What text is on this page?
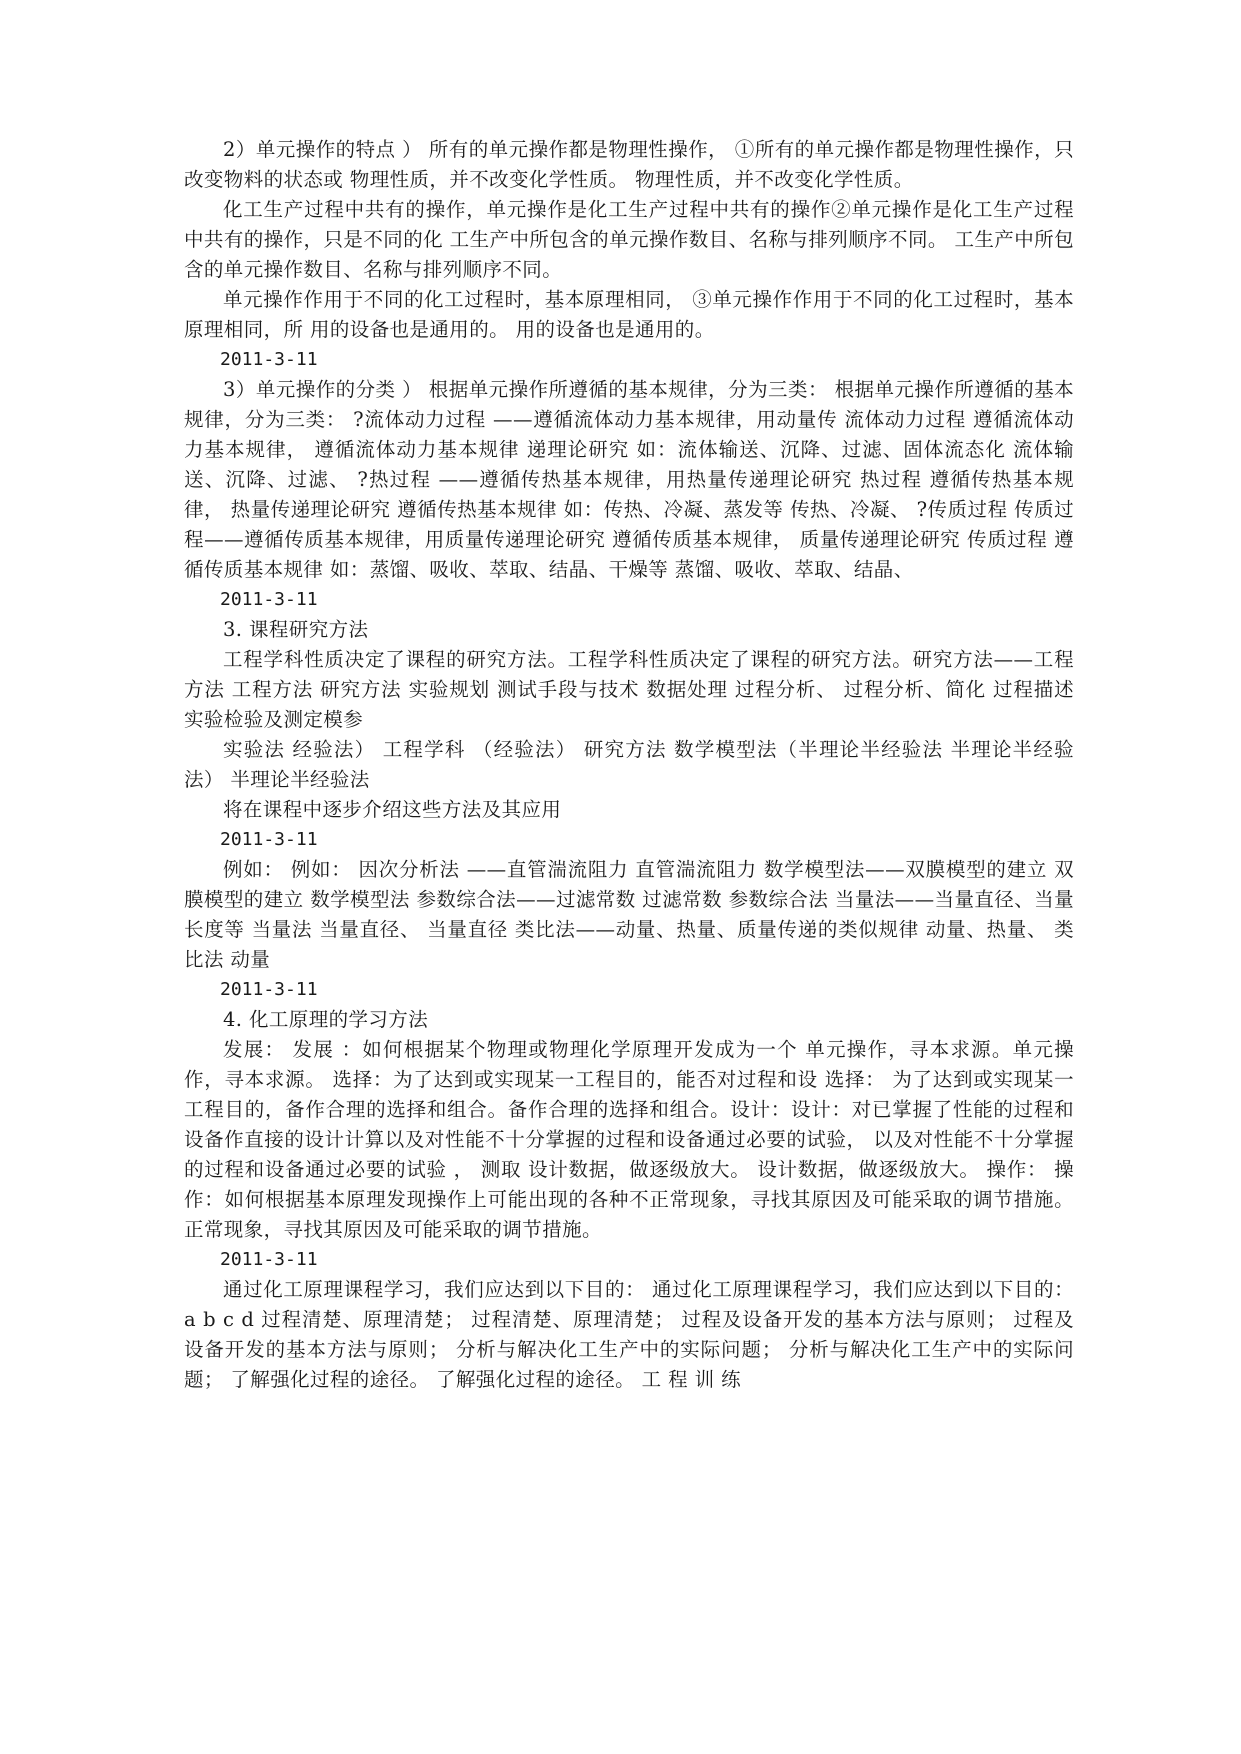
2）单元操作的特点 ） 所有的单元操作都是物理性操作， ①所有的单元操作都是物理性操作，只改变物料的状态或 物理性质，并不改变化学性质。 物理性质，并不改变化学性质。

化工生产过程中共有的操作，单元操作是化工生产过程中共有的操作②单元操作是化工生产过程中共有的操作，只是不同的化 工生产中所包含的单元操作数目、名称与排列顺序不同。 工生产中所包含的单元操作数目、名称与排列顺序不同。

单元操作作用于不同的化工过程时，基本原理相同， ③单元操作作用于不同的化工过程时，基本原理相同，所 用的设备也是通用的。 用的设备也是通用的。

2011-3-11

3）单元操作的分类 ） 根据单元操作所遵循的基本规律，分为三类： 根据单元操作所遵循的基本规律，分为三类： ?流体动力过程 ——遵循流体动力基本规律，用动量传 流体动力过程 遵循流体动力基本规律， 遵循流体动力基本规律 递理论研究 如：流体输送、沉降、过滤、固体流态化 流体输送、沉降、过滤、 ?热过程 ——遵循传热基本规律，用热量传递理论研究 热过程 遵循传热基本规律， 热量传递理论研究 遵循传热基本规律 如：传热、冷凝、蒸发等 传热、冷凝、 ?传质过程 传质过程——遵循传质基本规律，用质量传递理论研究 遵循传质基本规律， 质量传递理论研究 传质过程 遵循传质基本规律 如：蒸馏、吸收、萃取、结晶、干燥等 蒸馏、吸收、萃取、结晶、

2011-3-11

3. 课程研究方法

工程学科性质决定了课程的研究方法。工程学科性质决定了课程的研究方法。研究方法——工程方法 工程方法 研究方法 实验规划 测试手段与技术 数据处理 过程分析、 过程分析、简化 过程描述 实验检验及测定模参

实验法 经验法） 工程学科 （经验法） 研究方法 数学模型法（半理论半经验法 半理论半经验法） 半理论半经验法

将在课程中逐步介绍这些方法及其应用

2011-3-11

例如： 例如： 因次分析法 ——直管湍流阻力 直管湍流阻力 数学模型法——双膜模型的建立 双膜模型的建立 数学模型法 参数综合法——过滤常数 过滤常数 参数综合法 当量法——当量直径、当量长度等 当量法 当量直径、 当量直径 类比法——动量、热量、质量传递的类似规律 动量、热量、 类比法 动量

2011-3-11

4. 化工原理的学习方法

发展： 发展 ：如何根据某个物理或物理化学原理开发成为一个 单元操作，寻本求源。单元操作，寻本求源。 选择：为了达到或实现某一工程目的，能否对过程和设 选择： 为了达到或实现某一工程目的，备作合理的选择和组合。备作合理的选择和组合。设计：设计：对已掌握了性能的过程和设备作直接的设计计算以及对性能不十分掌握的过程和设备通过必要的试验， 以及对性能不十分掌握的过程和设备通过必要的试验 ， 测取 设计数据，做逐级放大。 设计数据，做逐级放大。 操作： 操作：如何根据基本原理发现操作上可能出现的各种不正常现象，寻找其原因及可能采取的调节措施。正常现象，寻找其原因及可能采取的调节措施。

2011-3-11

通过化工原理课程学习，我们应达到以下目的： 通过化工原理课程学习，我们应达到以下目的： a b c d 过程清楚、原理清楚； 过程清楚、原理清楚； 过程及设备开发的基本方法与原则； 过程及设备开发的基本方法与原则； 分析与解决化工生产中的实际问题； 分析与解决化工生产中的实际问题； 了解强化过程的途径。 了解强化过程的途径。 工 程 训 练
